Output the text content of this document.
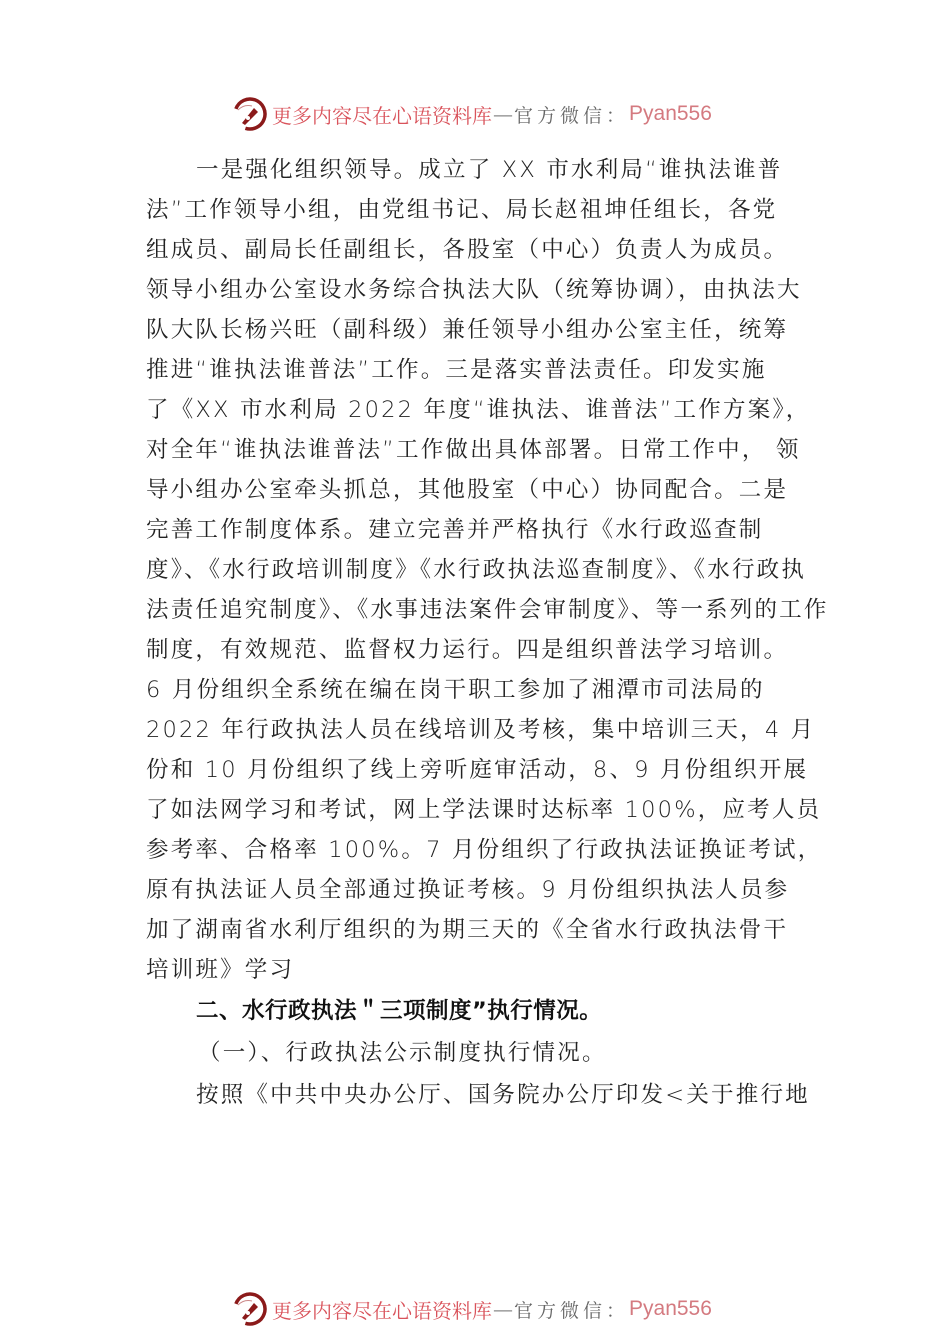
更多内容尽在心语资料库 — 官方微信： Pyan556
一是强化组织领导。成立了 XX 市水利局“谁执法谁普
法”工作领导小组，由党组书记、局长赵祖坤任组长，各党
组成员、副局长任副组长，各股室（中心）负责人为成员。
领导小组办公室设水务综合执法大队（统筹协调），由执法大
队大队长杨兴旺（副科级）兼任领导小组办公室主任，统筹
推进“谁执法谁普法”工作。三是落实普法责任。印发实施
了《XX 市水利局 2022 年度“谁执法、谁普法”工作方案》，
对全年“谁执法谁普法”工作做出具体部署。日常工作中， 领
导小组办公室牵头抓总，其他股室（中心）协同配合。二是
完善工作制度体系。建立完善并严格执行《水行政巡查制
度》、《水行政培训制度》《水行政执法巡查制度》、《水行政执
法责任追究制度》、《水事违法案件会审制度》、等一系列的工作
制度，有效规范、监督权力运行。四是组织普法学习培训。
6 月份组织全系统在编在岗干职工参加了湘潭市司法局的
2022 年行政执法人员在线培训及考核，集中培训三天，4 月
份和 10 月份组织了线上旁听庭审活动，8、9 月份组织开展
了如法网学习和考试，网上学法课时达标率 100%，应考人员
参考率、合格率 100%。7 月份组织了行政执法证换证考试，
原有执法证人员全部通过换证考核。9 月份组织执法人员参
加了湖南省水利厅组织的为期三天的《全省水行政执法骨干
培训班》学习
二、水行政执法＂三项制度”执行情况。
（一）、行政执法公示制度执行情况。
按照《中共中央办公厅、国务院办公厅印发<关于推行地
更多内容尽在心语资料库 — 官方微信： Pyan556
